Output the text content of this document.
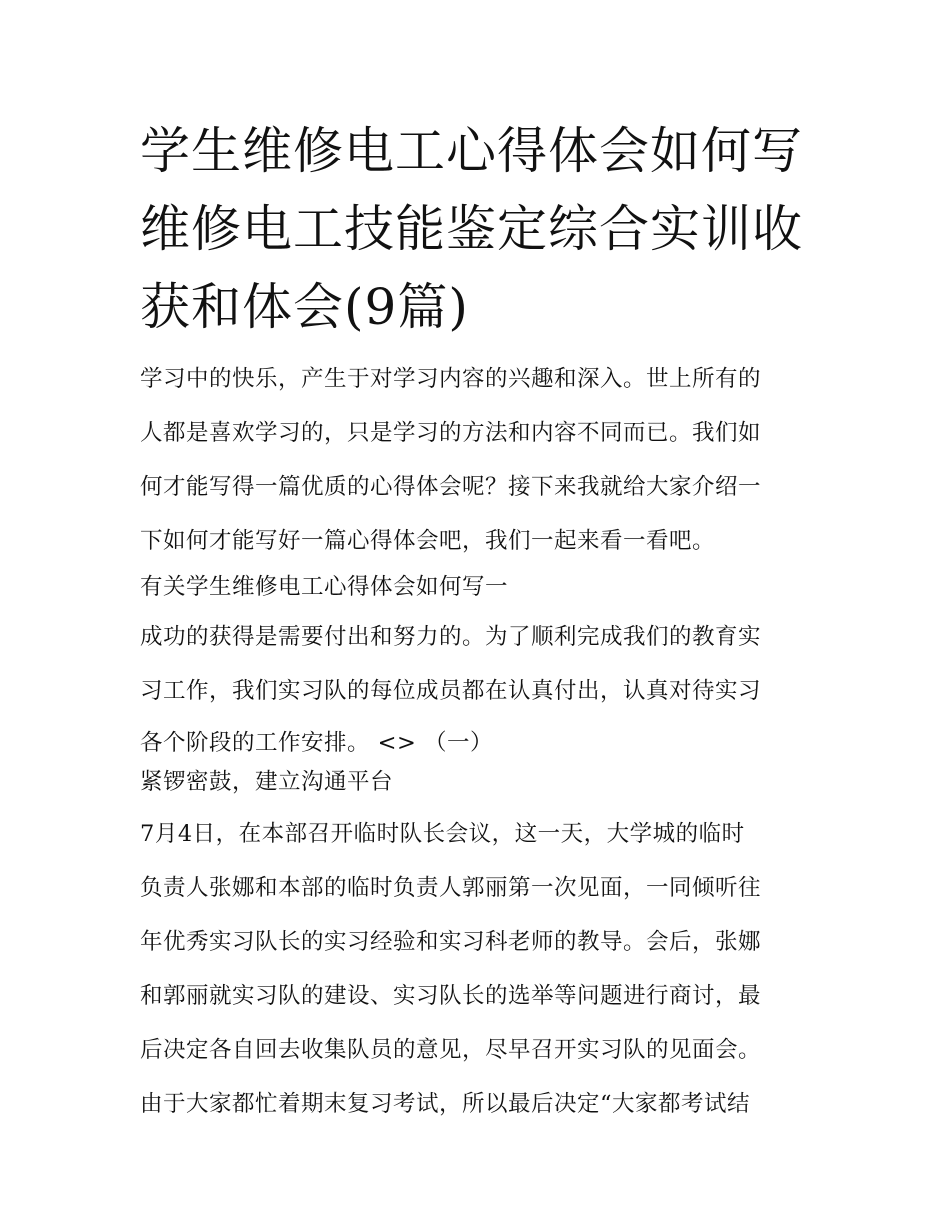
学生维修电工心得体会如何写
维修电工技能鉴定综合实训收
获和体会(9篇)
学习中的快乐，产生于对学习内容的兴趣和深入。世上所有的
人都是喜欢学习的，只是学习的方法和内容不同而已。我们如
何才能写得一篇优质的心得体会呢？接下来我就给大家介绍一
下如何才能写好一篇心得体会吧，我们一起来看一看吧。
有关学生维修电工心得体会如何写一
成功的获得是需要付出和努力的。为了顺利完成我们的教育实
习工作，我们实习队的每位成员都在认真付出，认真对待实习
各个阶段的工作安排。 <> （一）
紧锣密鼓，建立沟通平台
7月4日，在本部召开临时队长会议，这一天，大学城的临时
负责人张娜和本部的临时负责人郭丽第一次见面，一同倾听往
年优秀实习队长的实习经验和实习科老师的教导。会后，张娜
和郭丽就实习队的建设、实习队长的选举等问题进行商讨，最
后决定各自回去收集队员的意见，尽早召开实习队的见面会。
由于大家都忙着期末复习考试，所以最后决定“大家都考试结
